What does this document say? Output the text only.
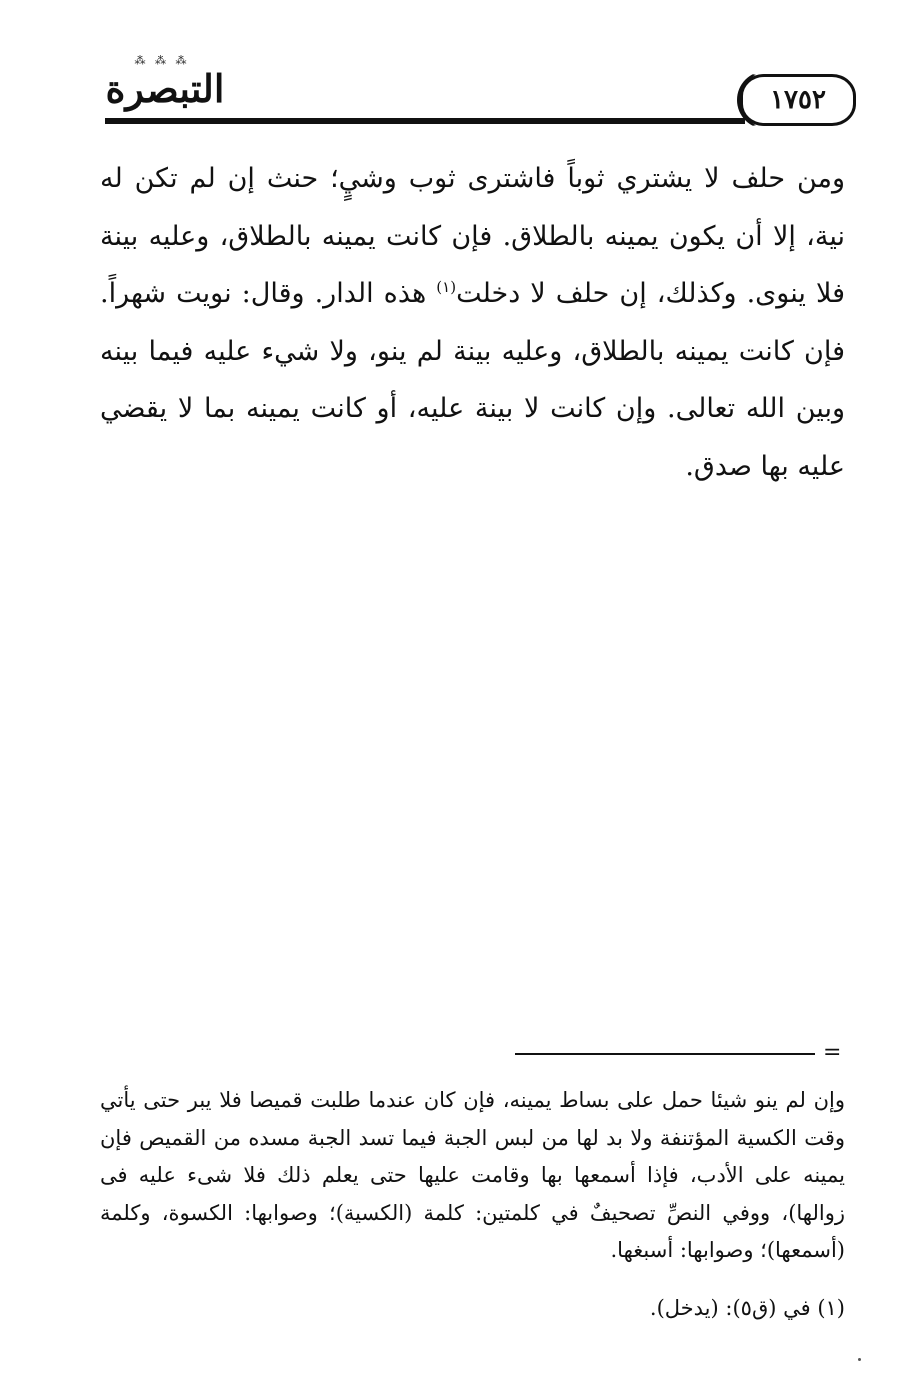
⁂ ⁂ ⁂
التبصرة	١٧٥٢
ومن حلف لا يشتري ثوباً فاشترى ثوب وشيٍ؛ حنث إن لم تكن له نية، إلا أن يكون يمينه بالطلاق. فإن كانت يمينه بالطلاق، وعليه بينة فلا ينوى. وكذلك، إن حلف لا دخلت$^{(١)}$ هذه الدار. وقال: نويت شهراً. فإن كانت يمينه بالطلاق، وعليه بينة لم ينو، ولا شيء عليه فيما بينه وبين الله تعالى. وإن كانت لا بينة عليه، أو كانت يمينه بما لا يقضي عليه بها صدق.
=
وإن لم ينو شيئا حمل على بساط يمينه، فإن كان عندما طلبت قميصا فلا يبر حتى يأتي وقت الكسية المؤتنفة ولا بد لها من لبس الجبة فيما تسد الجبة مسده من القميص فإن يمينه على الأدب، فإذا أسمعها بها وقامت عليها حتى يعلم ذلك فلا شىء عليه فى زوالها)، ووفي النصِّ تصحيفٌ في كلمتين: كلمة (الكسية)؛ وصوابها: الكسوة، وكلمة (أسمعها)؛ وصوابها: أسبغها.
(١) في (ق٥): (يدخل).
